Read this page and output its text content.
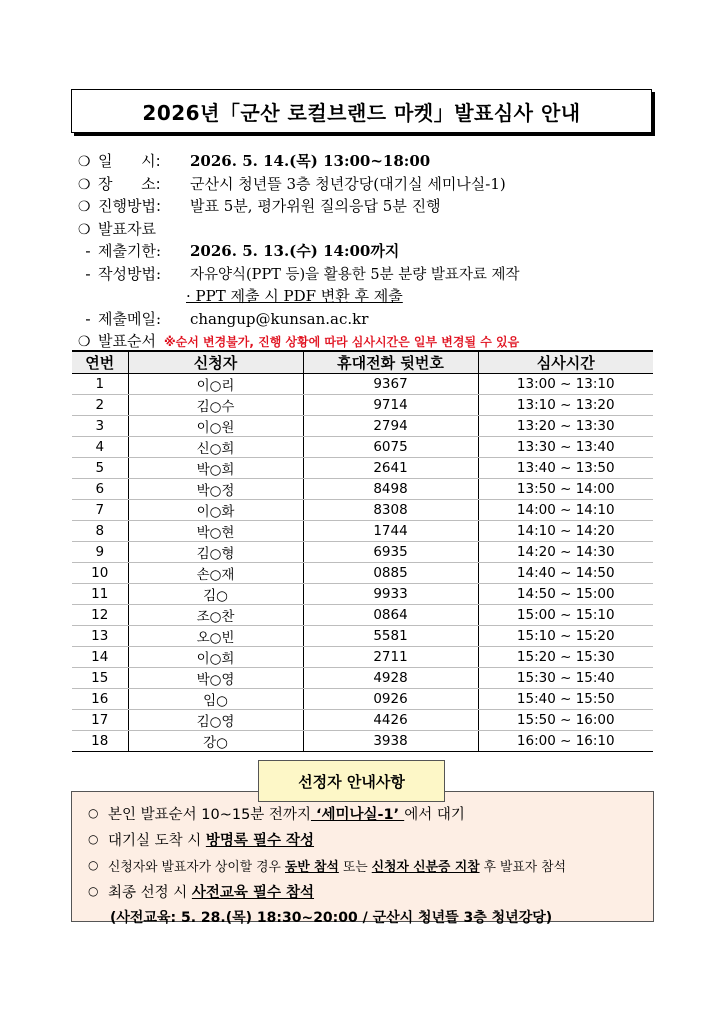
2026년「군산 로컬브랜드 마켓」발표심사 안내
❍ 일      시:	2026. 5. 14.(목) 13:00~18:00
❍ 장      소:	군산시 청년뜰 3층 청년강당(대기실 세미나실-1)
❍ 진행방법:	발표 5분, 평가위원 질의응답 5분 진행
❍ 발표자료
- 제출기한:	2026. 5. 13.(수) 14:00까지
- 작성방법:	자유양식(PPT 등)을 활용한 5분 분량 발표자료 제작
· PPT 제출 시 PDF 변환 후 제출
- 제출메일:	changup@kunsan.ac.kr
❍ 발표순서 ※순서 변경불가, 진행 상황에 따라 심사시간은 일부 변경될 수 있음
연번	신청자	휴대전화 뒷번호	심사시간
1	이○리	9367	13:00 ~ 13:10
2	김○수	9714	13:10 ~ 13:20
3	이○원	2794	13:20 ~ 13:30
4	신○희	6075	13:30 ~ 13:40
5	박○희	2641	13:40 ~ 13:50
6	박○정	8498	13:50 ~ 14:00
7	이○화	8308	14:00 ~ 14:10
8	박○현	1744	14:10 ~ 14:20
9	김○형	6935	14:20 ~ 14:30
10	손○재	0885	14:40 ~ 14:50
11	김○	9933	14:50 ~ 15:00
12	조○찬	0864	15:00 ~ 15:10
13	오○빈	5581	15:10 ~ 15:20
14	이○희	2711	15:20 ~ 15:30
15	박○영	4928	15:30 ~ 15:40
16	임○	0926	15:40 ~ 15:50
17	김○영	4426	15:50 ~ 16:00
18	강○	3938	16:00 ~ 16:10
선정자 안내사항
○ 본인 발표순서 10~15분 전까지 ‘세미나실-1’ 에서 대기
○ 대기실 도착 시 방명록 필수 작성
○ 신청자와 발표자가 상이할 경우 동반 참석 또는 신청자 신분증 지참 후 발표자 참석
○ 최종 선정 시 사전교육 필수 참석
(사전교육: 5. 28.(목) 18:30~20:00 / 군산시 청년뜰 3층 청년강당)
